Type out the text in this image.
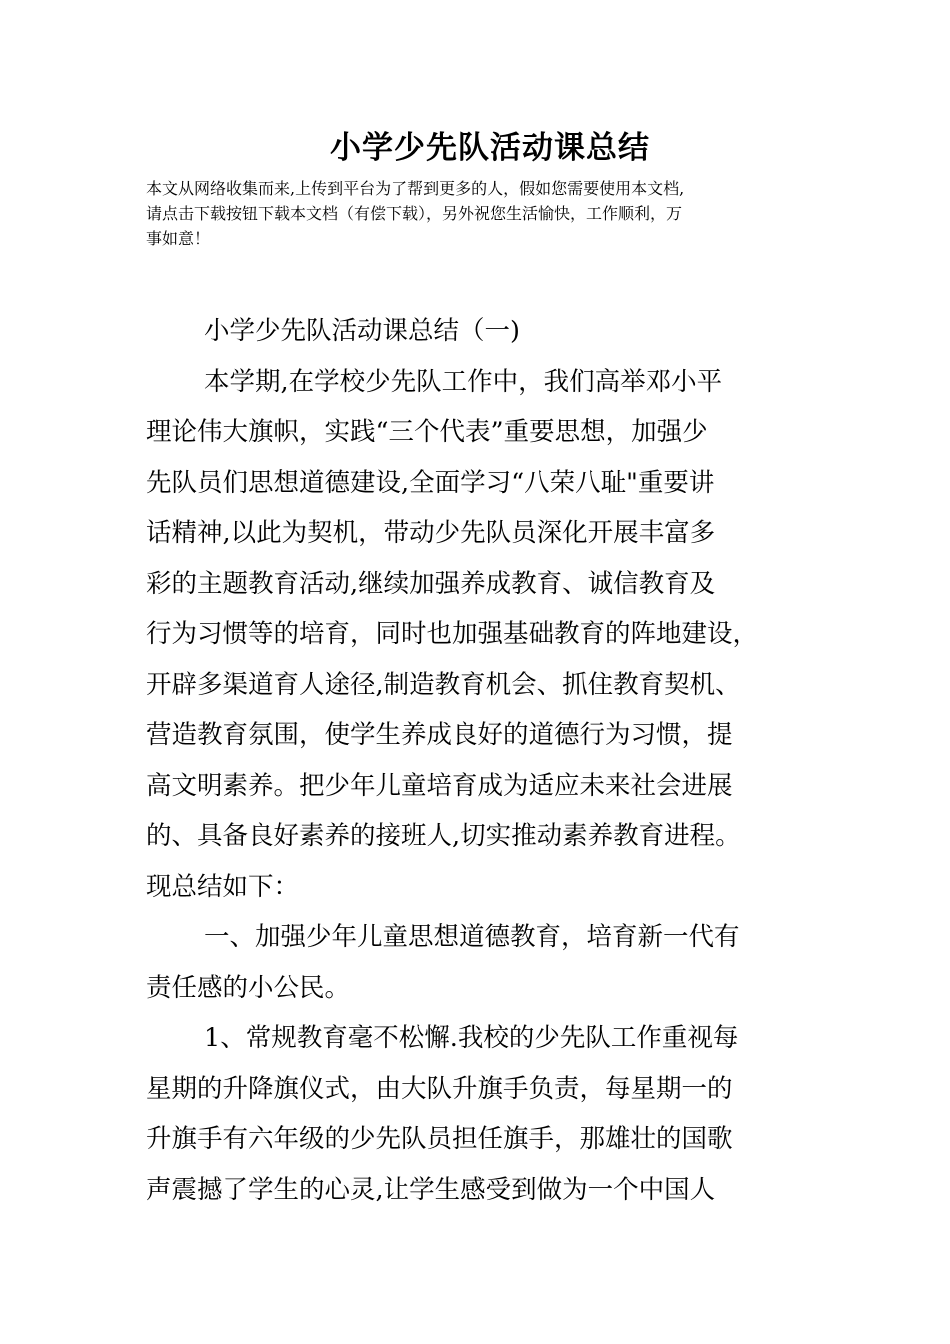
小学少先队活动课总结
本文从网络收集而来,上传到平台为了帮到更多的人，假如您需要使用本文档,
请点击下载按钮下载本文档（有偿下载），另外祝您生活愉快，工作顺利，万
事如意！
小学少先队活动课总结（一)
本学期,在学校少先队工作中，我们高举邓小平
理论伟大旗帜，实践“三个代表”重要思想，加强少
先队员们思想道德建设,全面学习“八荣八耻"重要讲
话精神,以此为契机，带动少先队员深化开展丰富多
彩的主题教育活动,继续加强养成教育、诚信教育及
行为习惯等的培育，同时也加强基础教育的阵地建设，
开辟多渠道育人途径,制造教育机会、抓住教育契机、
营造教育氛围，使学生养成良好的道德行为习惯，提
高文明素养。把少年儿童培育成为适应未来社会进展
的、具备良好素养的接班人,切实推动素养教育进程。
现总结如下：
一、加强少年儿童思想道德教育，培育新一代有
责任感的小公民。
1、常规教育毫不松懈.我校的少先队工作重视每
星期的升降旗仪式，由大队升旗手负责，每星期一的
升旗手有六年级的少先队员担任旗手，那雄壮的国歌
声震撼了学生的心灵,让学生感受到做为一个中国人
